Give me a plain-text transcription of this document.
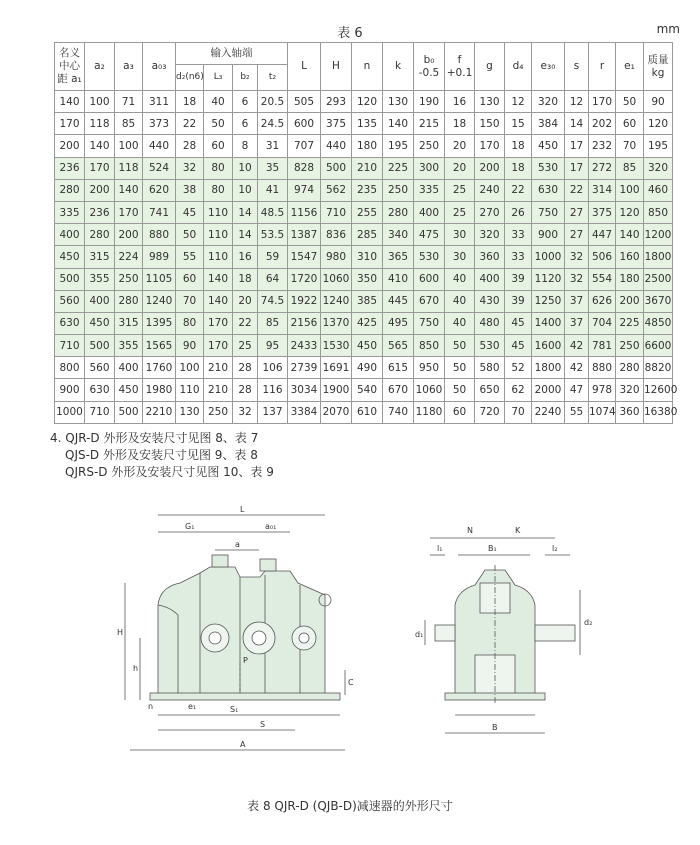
表 6	mm
名义中心距 a₁	a₂	a₃	a₀₃	输入轴端				L	H	n	k	b₀ -0.5	f +0.1	g	d₄	e₃₀	s	r	e₁	质量 kg
				d₂(n6)	L₃	b₂	t₂													
140	100	71	311	18	40	6	20.5	505	293	120	130	190	16	130	12	320	12	170	50	90
170	118	85	373	22	50	6	24.5	600	375	135	140	215	18	150	15	384	14	202	60	120
200	140	100	440	28	60	8	31	707	440	180	195	250	20	170	18	450	17	232	70	195
236	170	118	524	32	80	10	35	828	500	210	225	300	20	200	18	530	17	272	85	320
280	200	140	620	38	80	10	41	974	562	235	250	335	25	240	22	630	22	314	100	460
335	236	170	741	45	110	14	48.5	1156	710	255	280	400	25	270	26	750	27	375	120	850
400	280	200	880	50	110	14	53.5	1387	836	285	340	475	30	320	33	900	27	447	140	1200
450	315	224	989	55	110	16	59	1547	980	310	365	530	30	360	33	1000	32	506	160	1800
500	355	250	1105	60	140	18	64	1720	1060	350	410	600	40	400	39	1120	32	554	180	2500
560	400	280	1240	70	140	20	74.5	1922	1240	385	445	670	40	430	39	1250	37	626	200	3670
630	450	315	1395	80	170	22	85	2156	1370	425	495	750	40	480	45	1400	37	704	225	4850
710	500	355	1565	90	170	25	95	2433	1530	450	565	850	50	530	45	1600	42	781	250	6600
800	560	400	1760	100	210	28	106	2739	1691	490	615	950	50	580	52	1800	42	880	280	8820
900	630	450	1980	110	210	28	116	3034	1900	540	670	1060	50	650	62	2000	47	978	320	12600
1000	710	500	2210	130	250	32	137	3384	2070	610	740	1180	60	720	70	2240	55	1074	360	16380
4. QJR-D 外形及安装尺寸见图 8、表 7
QJS-D 外形及安装尺寸见图 9、表 8
QJRS-D 外形及安装尺寸见图 10、表 9
L
G₁	a₀₁
a
H
h
P
C
n	e₁	S₁
S
A
N	K
l₁	B₁	l₂
d₁
d₂
B
表 8 QJR-D (QJB-D)减速器的外形尺寸
